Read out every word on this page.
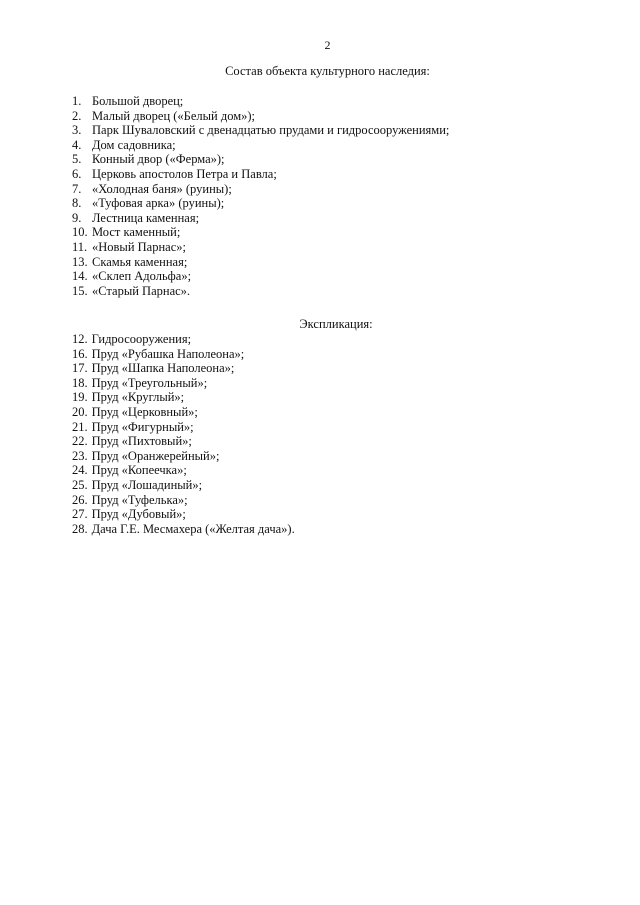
2
Состав объекта культурного наследия:
1. Большой дворец;
2. Малый дворец («Белый дом»);
3. Парк Шуваловский с двенадцатью прудами и гидросооружениями;
4. Дом садовника;
5. Конный двор («Ферма»);
6. Церковь апостолов Петра и Павла;
7. «Холодная баня» (руины);
8. «Туфовая арка» (руины);
9. Лестница каменная;
10. Мост каменный;
11. «Новый Парнас»;
13. Скамья каменная;
14. «Склеп Адольфа»;
15. «Старый Парнас».
Экспликация:
12. Гидросооружения;
16. Пруд «Рубашка Наполеона»;
17. Пруд «Шапка Наполеона»;
18. Пруд «Треугольный»;
19. Пруд «Круглый»;
20. Пруд «Церковный»;
21. Пруд «Фигурный»;
22. Пруд «Пихтовый»;
23. Пруд «Оранжерейный»;
24. Пруд «Копеечка»;
25. Пруд «Лошадиный»;
26. Пруд «Туфелька»;
27. Пруд «Дубовый»;
28. Дача Г.Е. Месмахера («Желтая дача»).
